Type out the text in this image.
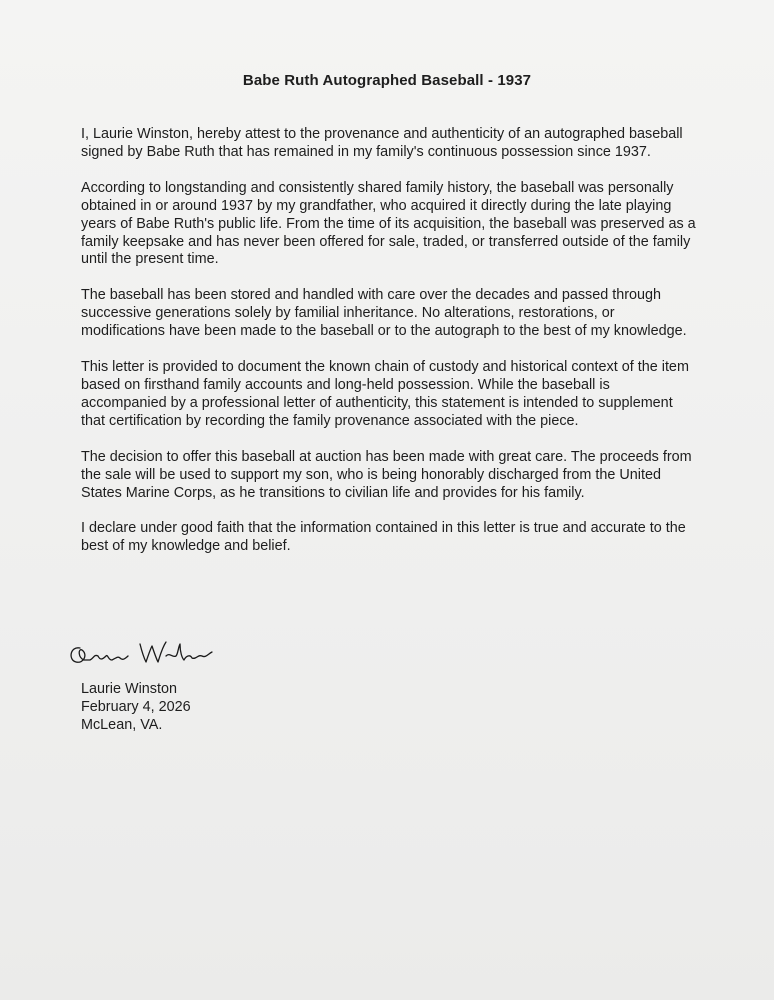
Babe Ruth Autographed Baseball - 1937

I, Laurie Winston, hereby attest to the provenance and authenticity of an autographed baseball signed by Babe Ruth that has remained in my family's continuous possession since 1937.

According to longstanding and consistently shared family history, the baseball was personally obtained in or around 1937 by my grandfather, who acquired it directly during the late playing years of Babe Ruth's public life. From the time of its acquisition, the baseball was preserved as a family keepsake and has never been offered for sale, traded, or transferred outside of the family until the present time.

The baseball has been stored and handled with care over the decades and passed through successive generations solely by familial inheritance. No alterations, restorations, or modifications have been made to the baseball or to the autograph to the best of my knowledge.

This letter is provided to document the known chain of custody and historical context of the item based on firsthand family accounts and long-held possession. While the baseball is accompanied by a professional letter of authenticity, this statement is intended to supplement that certification by recording the family provenance associated with the piece.

The decision to offer this baseball at auction has been made with great care. The proceeds from the sale will be used to support my son, who is being honorably discharged from the United States Marine Corps, as he transitions to civilian life and provides for his family.

I declare under good faith that the information contained in this letter is true and accurate to the best of my knowledge and belief.

Laurie Winston
February 4, 2026
McLean, VA.
